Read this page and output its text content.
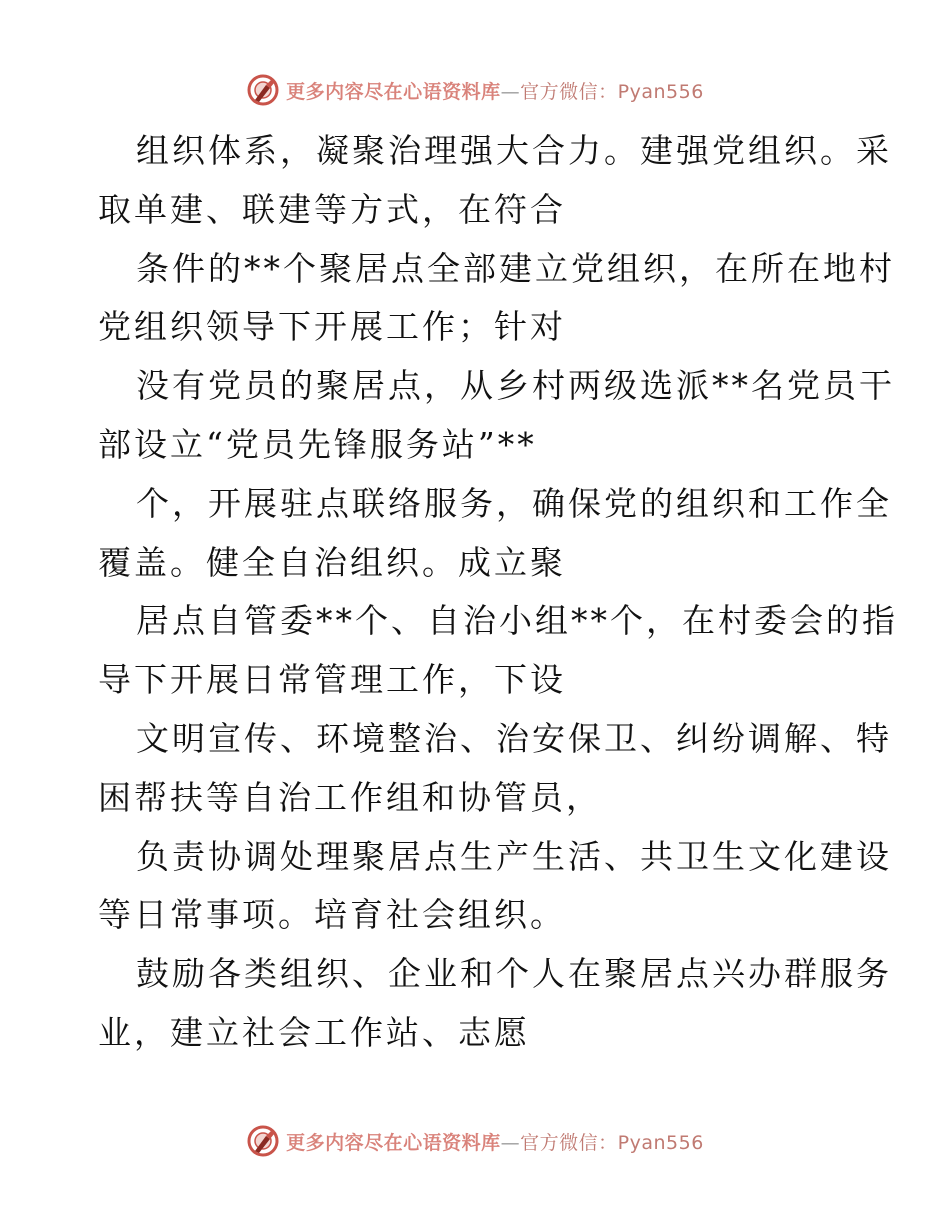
更多内容尽在心语资料库—官方微信：Pyan556

组织体系，凝聚治理强大合力。建强党组织。采
取单建、联建等方式，在符合

条件的**个聚居点全部建立党组织，在所在地村
党组织领导下开展工作；针对

没有党员的聚居点，从乡村两级选派**名党员干
部设立“党员先锋服务站”**

个，开展驻点联络服务，确保党的组织和工作全
覆盖。健全自治组织。成立聚

居点自管委**个、自治小组**个，在村委会的指
导下开展日常管理工作，下设

文明宣传、环境整治、治安保卫、纠纷调解、特
困帮扶等自治工作组和协管员，

负责协调处理聚居点生产生活、共卫生文化建设
等日常事项。培育社会组织。

鼓励各类组织、企业和个人在聚居点兴办群服务
业，建立社会工作站、志愿

更多内容尽在心语资料库—官方微信：Pyan556
